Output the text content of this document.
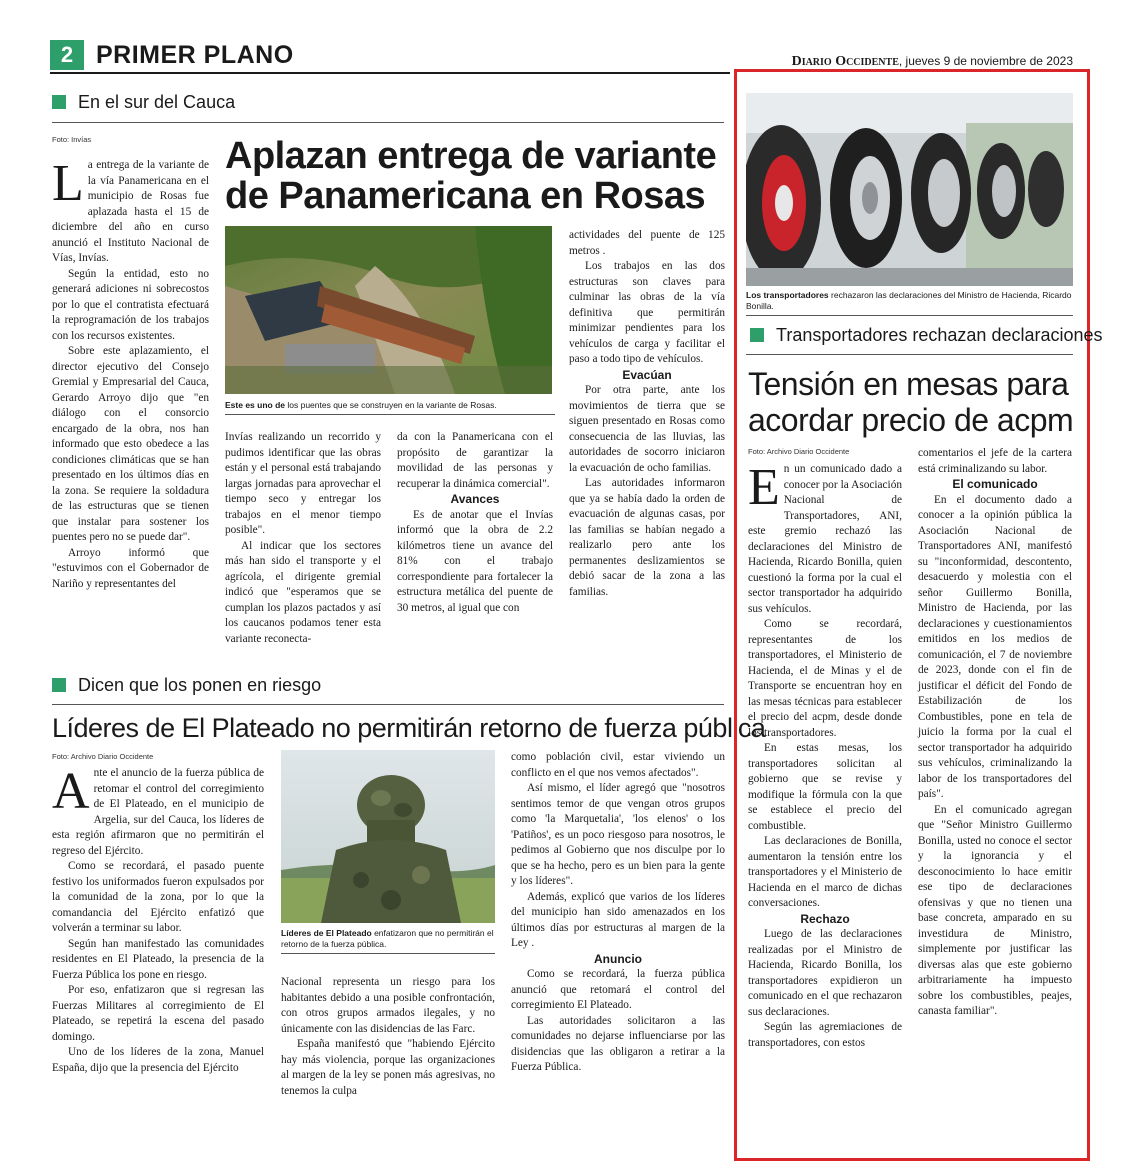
2 PRIMER PLANO	Diario Occidente, jueves 9 de noviembre de 2023
En el sur del Cauca
Foto: Invías	Aplazan entrega de variante
de Panamericana en Rosas

La entrega de la variante de la vía Panamericana en el municipio de Rosas fue aplazada hasta el 15 de diciembre del año en curso anunció el Instituto Nacional de Vías, Invías.

Según la entidad, esto no generará adiciones ni sobrecostos por lo que el contratista efectuará la reprogramación de los trabajos con los recursos existentes.

Sobre este aplazamiento, el director ejecutivo del Consejo Gremial y Empresarial del Cauca, Gerardo Arroyo dijo que "en diálogo con el consorcio encargado de la obra, nos han informado que esto obedece a las condiciones climáticas que se han presentado en los últimos días en la zona. Se requiere la soldadura de las estructuras que se tienen que instalar para sostener los puentes pero no se puede dar".

Arroyo informó que "estuvimos con el Gobernador de Nariño y representantes del

Este es uno de los puentes que se construyen en la variante de Rosas.

Invías realizando un recorrido y pudimos identificar que las obras están y el personal está trabajando largas jornadas para aprovechar el tiempo seco y entregar los trabajos en el menor tiempo posible".

Al indicar que los sectores más han sido el transporte y el agrícola, el dirigente gremial indicó que "esperamos que se cumplan los plazos pactados y así los caucanos podamos tener esta variante reconecta-

da con la Panamericana con el propósito de garantizar la movilidad de las personas y recuperar la dinámica comercial".

Avances

Es de anotar que el Invías informó que la obra de 2.2 kilómetros tiene un avance del 81% con el trabajo correspondiente para fortalecer la estructura metálica del puente de 30 metros, al igual que con

actividades del puente de 125 metros .

Los trabajos en las dos estructuras son claves para culminar las obras de la vía definitiva que permitirán minimizar pendientes para los vehículos de carga y facilitar el paso a todo tipo de vehículos.

Evacúan

Por otra parte, ante los movimientos de tierra que se siguen presentado en Rosas como consecuencia de las lluvias, las autoridades de socorro iniciaron la evacuación de ocho familias.

Las autoridades informaron que ya se había dado la orden de evacuación de algunas casas, por las familias se habían negado a realizarlo pero ante los permanentes deslizamientos se debió sacar de la zona a las familias.

Dicen que los ponen en riesgo
Líderes de El Plateado no permitirán retorno de fuerza pública
Foto: Archivo Diario Occidente

Ante el anuncio de la fuerza pública de retomar el control del corregimiento de El Plateado, en el municipio de Argelia, sur del Cauca, los líderes de esta región afirmaron que no permitirán el regreso del Ejército.

Como se recordará, el pasado puente festivo los uniformados fueron expulsados por la comunidad de la zona, por lo que la comandancia del Ejército enfatizó que volverán a terminar su labor.

Según han manifestado las comunidades residentes en El Plateado, la presencia de la Fuerza Pública los pone en riesgo.

Por eso, enfatizaron que si regresan las Fuerzas Militares al corregimiento de El Plateado, se repetirá la escena del pasado domingo.

Uno de los líderes de la zona, Manuel España, dijo que la presencia del Ejército

Líderes de El Plateado enfatizaron que no permitirán el retorno de la fuerza pública.

Nacional representa un riesgo para los habitantes debido a una posible confrontación, con otros grupos armados ilegales, y no únicamente con las disidencias de las Farc.

España manifestó que "habiendo Ejército hay más violencia, porque las organizaciones al margen de la ley se ponen más agresivas, no tenemos la culpa

como población civil, estar viviendo un conflicto en el que nos vemos afectados".

Así mismo, el líder agregó que "nosotros sentimos temor de que vengan otros grupos como 'la Marquetalia', 'los elenos' o los 'Patiños', es un poco riesgoso para nosotros, le pedimos al Gobierno que nos disculpe por lo que se ha hecho, pero es un bien para la gente y los líderes".

Además, explicó que varios de los líderes del municipio han sido amenazados en los últimos días por estructuras al margen de la Ley .

Anuncio

Como se recordará, la fuerza pública anunció que retomará el control del corregimiento El Plateado.

Las autoridades solicitaron a las comunidades no dejarse influenciarse por las disidencias que las obligaron a retirar a la Fuerza Pública.

Los transportadores rechazaron las declaraciones del Ministro de Hacienda, Ricardo Bonilla.
Transportadores rechazan declaraciones
Tensión en mesas para
acordar precio de acpm
Foto: Archivo Diario Occidente

En un comunicado dado a conocer por la Asociación Nacional de Transportadores, ANI, este gremio rechazó las declaraciones del Ministro de Hacienda, Ricardo Bonilla, quien cuestionó la forma por la cual el sector transportador ha adquirido sus vehículos.

Como se recordará, representantes de los transportadores, el Ministerio de Hacienda, el de Minas y el de Transporte se encuentran hoy en las mesas técnicas para establecer el precio del acpm, desde donde los transportadores.

En estas mesas, los transportadores solicitan al gobierno que se revise y modifique la fórmula con la que se establece el precio del combustible.

Las declaraciones de Bonilla, aumentaron la tensión entre los transportadores y el Ministerio de Hacienda en el marco de dichas conversaciones.

Rechazo

Luego de las declaraciones realizadas por el Ministro de Hacienda, Ricardo Bonilla, los transportadores expidieron un comunicado en el que rechazaron sus declaraciones.

Según las agremiaciones de transportadores, con estos

comentarios el jefe de la cartera está criminalizando su labor.

El comunicado

En el documento dado a conocer a la opinión pública la Asociación Nacional de Transportadores ANI, manifestó su "inconformidad, descontento, desacuerdo y molestia con el señor Guillermo Bonilla, Ministro de Hacienda, por las declaraciones y cuestionamientos emitidos en los medios de comunicación, el 7 de noviembre de 2023, donde con el fin de justificar el déficit del Fondo de Estabilización de los Combustibles, pone en tela de juicio la forma por la cual el sector transportador ha adquirido sus vehículos, criminalizando la labor de los transportadores del país".

En el comunicado agregan que "Señor Ministro Guillermo Bonilla, usted no conoce el sector y la ignorancia y el desconocimiento lo hace emitir ese tipo de declaraciones ofensivas y que no tienen una base concreta, amparado en su investidura de Ministro, simplemente por justificar las diversas alas que este gobierno arbitrariamente ha impuesto sobre los combustibles, peajes, canasta familiar".
